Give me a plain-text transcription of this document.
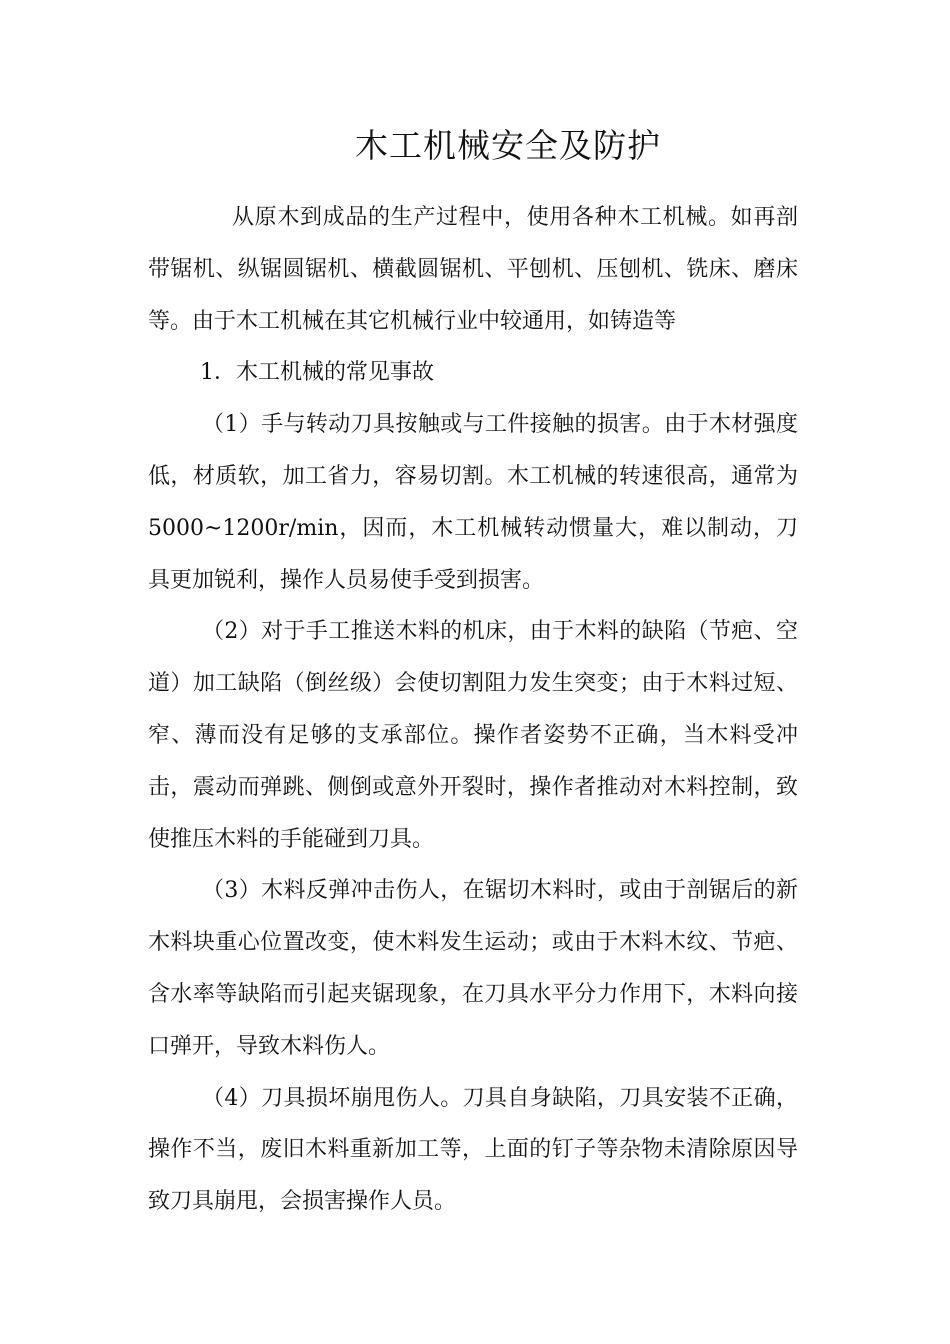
木工机械安全及防护

从原木到成品的生产过程中，使用各种木工机械。如再剖带锯机、纵锯圆锯机、横截圆锯机、平刨机、压刨机、铣床、磨床等。由于木工机械在其它机械行业中较通用，如铸造等

1．木工机械的常见事故

（1）手与转动刀具按触或与工件接触的损害。由于木材强度低，材质软，加工省力，容易切割。木工机械的转速很高，通常为5000~1200r/min，因而，木工机械转动惯量大，难以制动，刀具更加锐利，操作人员易使手受到损害。

（2）对于手工推送木料的机床，由于木料的缺陷（节疤、空道）加工缺陷（倒丝级）会使切割阻力发生突变；由于木料过短、窄、薄而没有足够的支承部位。操作者姿势不正确，当木料受冲击，震动而弹跳、侧倒或意外开裂时，操作者推动对木料控制，致使推压木料的手能碰到刀具。

（3）木料反弹冲击伤人，在锯切木料时，或由于剖锯后的新木料块重心位置改变，使木料发生运动；或由于木料木纹、节疤、含水率等缺陷而引起夹锯现象，在刀具水平分力作用下，木料向接口弹开，导致木料伤人。

（4）刀具损坏崩甩伤人。刀具自身缺陷，刀具安装不正确，操作不当，废旧木料重新加工等，上面的钉子等杂物未清除原因导致刀具崩甩，会损害操作人员。
